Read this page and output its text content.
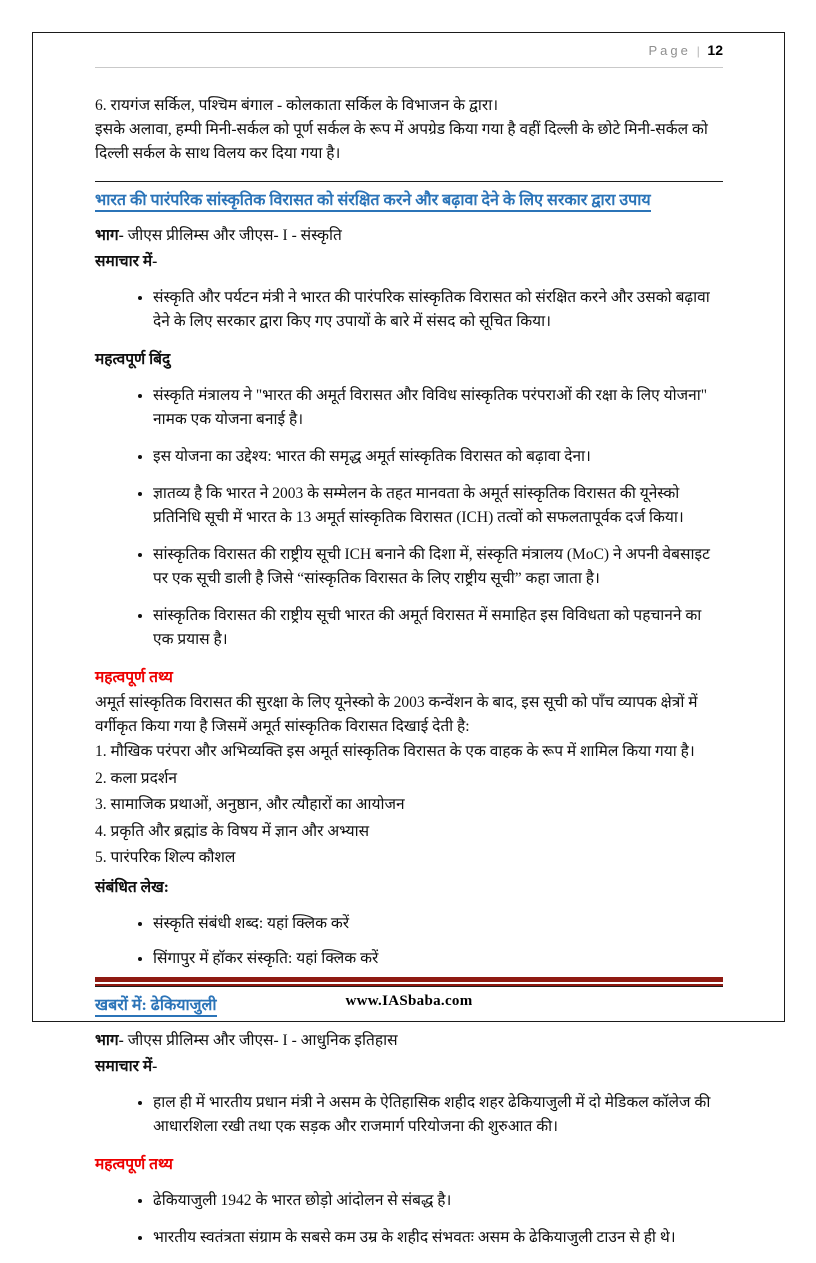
Page | 12

6. रायगंज सर्किल, पश्चिम बंगाल - कोलकाता सर्किल के विभाजन के द्वारा।

इसके अलावा, हम्पी मिनी-सर्कल को पूर्ण सर्कल के रूप में अपग्रेड किया गया है वहीं दिल्ली के छोटे मिनी-सर्कल को दिल्ली सर्कल के साथ विलय कर दिया गया है।

भारत की पारंपरिक सांस्कृतिक विरासत को संरक्षित करने और बढ़ावा देने के लिए सरकार द्वारा उपाय
भाग- जीएस प्रीलिम्स और जीएस- I - संस्कृति
समाचार में-
• संस्कृति और पर्यटन मंत्री ने भारत की पारंपरिक सांस्कृतिक विरासत को संरक्षित करने और उसको बढ़ावा देने के लिए सरकार द्वारा किए गए उपायों के बारे में संसद को सूचित किया।
महत्वपूर्ण बिंदु
• संस्कृति मंत्रालय ने "भारत की अमूर्त विरासत और विविध सांस्कृतिक परंपराओं की रक्षा के लिए योजना" नामक एक योजना बनाई है।
• इस योजना का उद्देश्य: भारत की समृद्ध अमूर्त सांस्कृतिक विरासत को बढ़ावा देना।
• ज्ञातव्य है कि भारत ने 2003 के सम्मेलन के तहत मानवता के अमूर्त सांस्कृतिक विरासत की यूनेस्को प्रतिनिधि सूची में भारत के 13 अमूर्त सांस्कृतिक विरासत (ICH) तत्वों को सफलतापूर्वक दर्ज किया।
• सांस्कृतिक विरासत की राष्ट्रीय सूची ICH बनाने की दिशा में, संस्कृति मंत्रालय (MoC) ने अपनी वेबसाइट पर एक सूची डाली है जिसे “सांस्कृतिक विरासत के लिए राष्ट्रीय सूची” कहा जाता है।
• सांस्कृतिक विरासत की राष्ट्रीय सूची भारत की अमूर्त विरासत में समाहित इस विविधता को पहचानने का एक प्रयास है।
महत्वपूर्ण तथ्य

अमूर्त सांस्कृतिक विरासत की सुरक्षा के लिए यूनेस्को के 2003 कन्वेंशन के बाद, इस सूची को पाँच व्यापक क्षेत्रों में वर्गीकृत किया गया है जिसमें अमूर्त सांस्कृतिक विरासत दिखाई देती है:

1. मौखिक परंपरा और अभिव्यक्ति इस अमूर्त सांस्कृतिक विरासत के एक वाहक के रूप में शामिल किया गया है।
2. कला प्रदर्शन
3. सामाजिक प्रथाओं, अनुष्ठान, और त्यौहारों का आयोजन
4. प्रकृति और ब्रह्मांड के विषय में ज्ञान और अभ्यास
5. पारंपरिक शिल्प कौशल
संबंधित लेख:
• संस्कृति संबंधी शब्द: यहां क्लिक करें
• सिंगापुर में हॉकर संस्कृति: यहां क्लिक करें
खबरों में: ढेकियाजुली
भाग- जीएस प्रीलिम्स और जीएस- I - आधुनिक इतिहास
समाचार में-
• हाल ही में भारतीय प्रधान मंत्री ने असम के ऐतिहासिक शहीद शहर ढेकियाजुली में दो मेडिकल कॉलेज की आधारशिला रखी तथा एक सड़क और राजमार्ग परियोजना की शुरुआत की।
महत्वपूर्ण तथ्य
• ढेकियाजुली 1942 के भारत छोड़ो आंदोलन से संबद्ध है।
• भारतीय स्वतंत्रता संग्राम के सबसे कम उम्र के शहीद संभवतः असम के ढेकियाजुली टाउन से ही थे।
www.IASbaba.com
